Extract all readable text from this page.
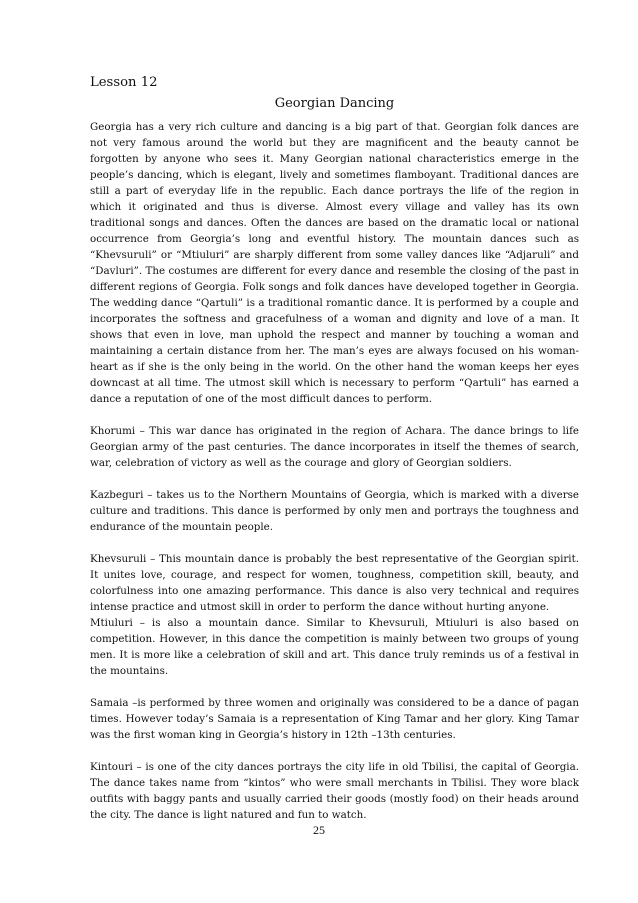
Lesson 12
Georgian Dancing

Georgia has a very rich culture and dancing is a big part of that. Georgian folk dances are not very famous around the world but they are magnificent and the beauty cannot be forgotten by anyone who sees it. Many Georgian national characteristics emerge in the people’s dancing, which is elegant, lively and sometimes flamboyant. Traditional dances are still a part of everyday life in the republic. Each dance portrays the life of the region in which it originated and thus is diverse. Almost every village and valley has its own traditional songs and dances. Often the dances are based on the dramatic local or national occurrence from Georgia’s long and eventful history. The mountain dances such as “Khevsuruli” or “Mtiuluri” are sharply different from some valley dances like “Adjaruli” and “Davluri”. The costumes are different for every dance and resemble the closing of the past in different regions of Georgia. Folk songs and folk dances have developed together in Georgia. The wedding dance “Qartuli” is a traditional romantic dance. It is performed by a couple and incorporates the softness and gracefulness of a woman and dignity and love of a man. It shows that even in love, man uphold the respect and manner by touching a woman and maintaining a certain distance from her. The man’s eyes are always focused on his woman-heart as if she is the only being in the world. On the other hand the woman keeps her eyes downcast at all time. The utmost skill which is necessary to perform “Qartuli” has earned a dance a reputation of one of the most difficult dances to perform.

Khorumi – This war dance has originated in the region of Achara. The dance brings to life Georgian army of the past centuries. The dance incorporates in itself the themes of search, war, celebration of victory as well as the courage and glory of Georgian soldiers.

Kazbeguri – takes us to the Northern Mountains of Georgia, which is marked with a diverse culture and traditions. This dance is performed by only men and portrays the toughness and endurance of the mountain people.

Khevsuruli – This mountain dance is probably the best representative of the Georgian spirit. It unites love, courage, and respect for women, toughness, competition skill, beauty, and colorfulness into one amazing performance. This dance is also very technical and requires intense practice and utmost skill in order to perform the dance without hurting anyone.

Mtiuluri – is also a mountain dance. Similar to Khevsuruli, Mtiuluri is also based on competition. However, in this dance the competition is mainly between two groups of young men. It is more like a celebration of skill and art. This dance truly reminds us of a festival in the mountains.

Samaia –is performed by three women and originally was considered to be a dance of pagan times. However today’s Samaia is a representation of King Tamar and her glory. King Tamar was the first woman king in Georgia’s history in 12th –13th centuries.

Kintouri – is one of the city dances portrays the city life in old Tbilisi, the capital of Georgia. The dance takes name from “kintos” who were small merchants in Tbilisi. They wore black outfits with baggy pants and usually carried their goods (mostly food) on their heads around the city. The dance is light natured and fun to watch.

25
